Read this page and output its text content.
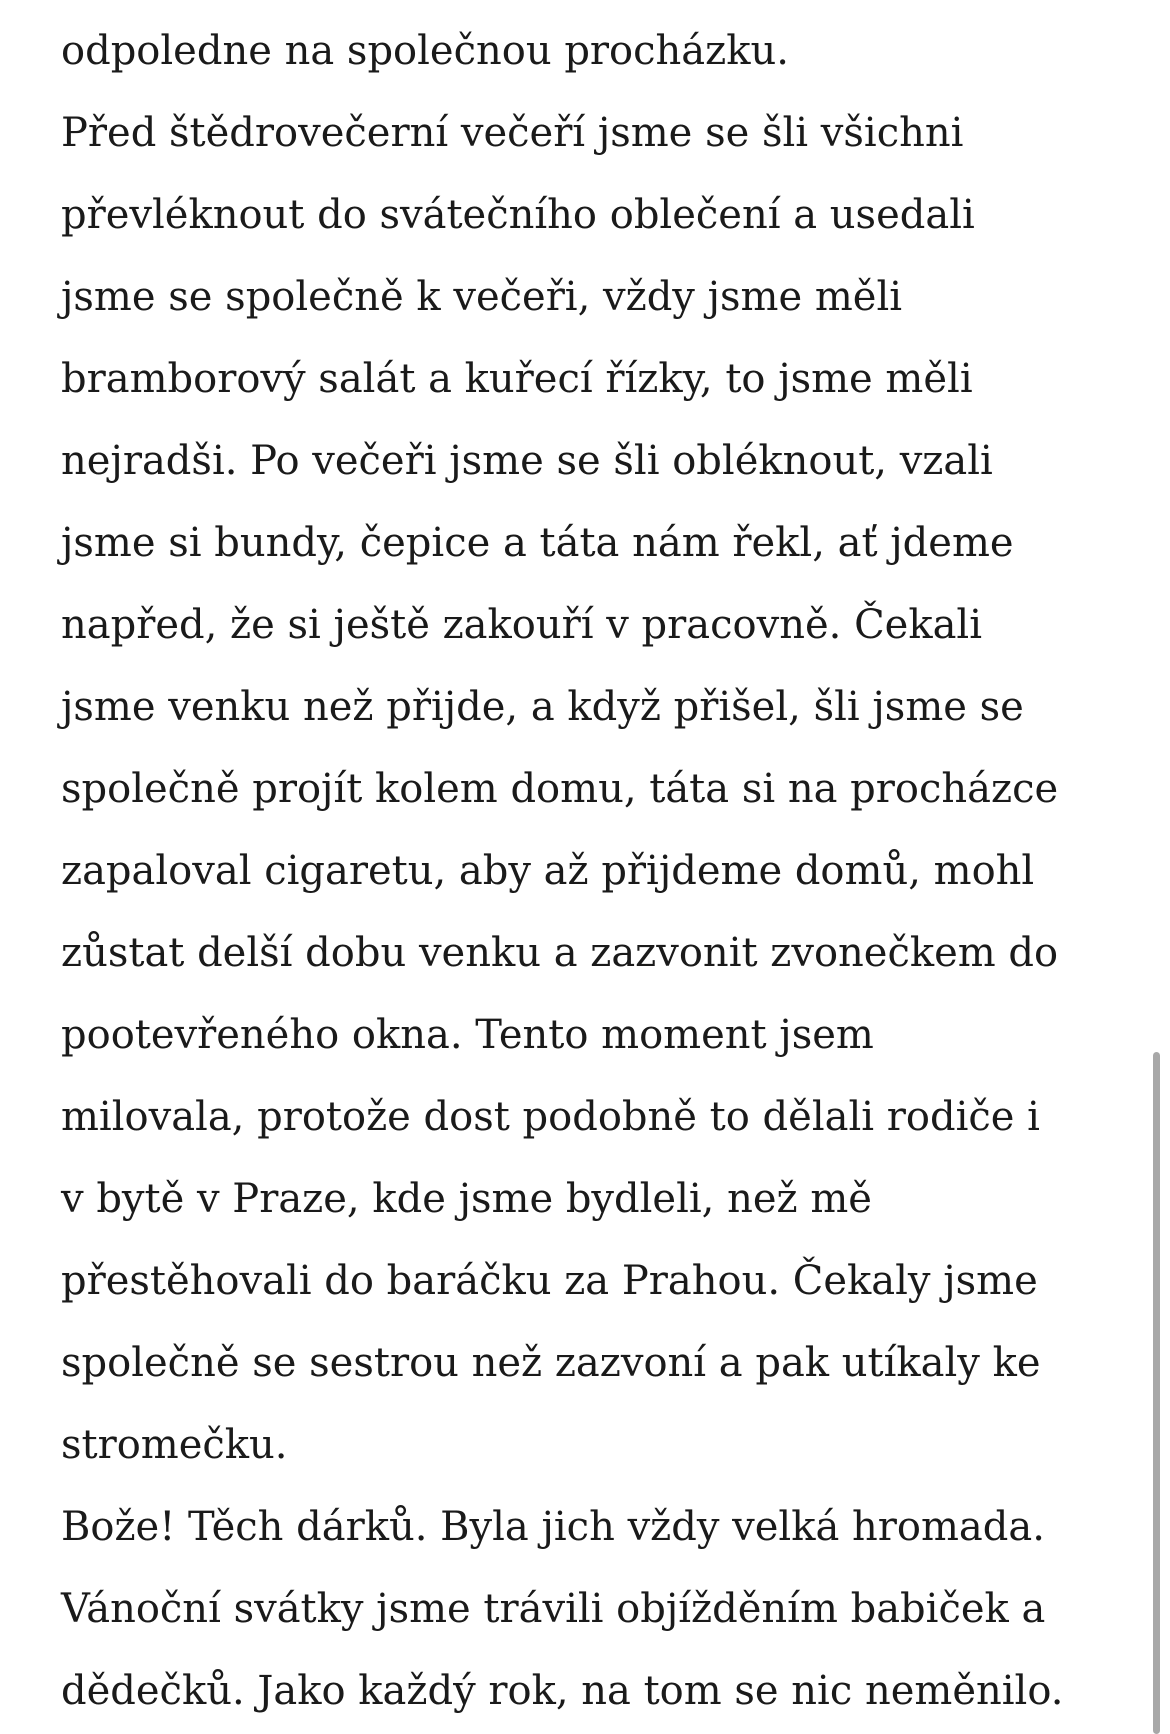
odpoledne na společnou procházku.
Před štědrovečerní večeří jsme se šli všichni
převléknout do svátečního oblečení a usedali
jsme se společně k večeři, vždy jsme měli
bramborový salát a kuřecí řízky, to jsme měli
nejradši. Po večeři jsme se šli obléknout, vzali
jsme si bundy, čepice a táta nám řekl, ať jdeme
napřed, že si ještě zakouří v pracovně. Čekali
jsme venku než přijde, a když přišel, šli jsme se
společně projít kolem domu, táta si na procházce
zapaloval cigaretu, aby až přijdeme domů, mohl
zůstat delší dobu venku a zazvonit zvonečkem do
pootevřeného okna. Tento moment jsem
milovala, protože dost podobně to dělali rodiče i
v bytě v Praze, kde jsme bydleli, než mě
přestěhovali do baráčku za Prahou. Čekaly jsme
společně se sestrou než zazvoní a pak utíkaly ke
stromečku.
Bože! Těch dárků. Byla jich vždy velká hromada.
Vánoční svátky jsme trávili objížděním babiček a
dědečků. Jako každý rok, na tom se nic neměnilo.
